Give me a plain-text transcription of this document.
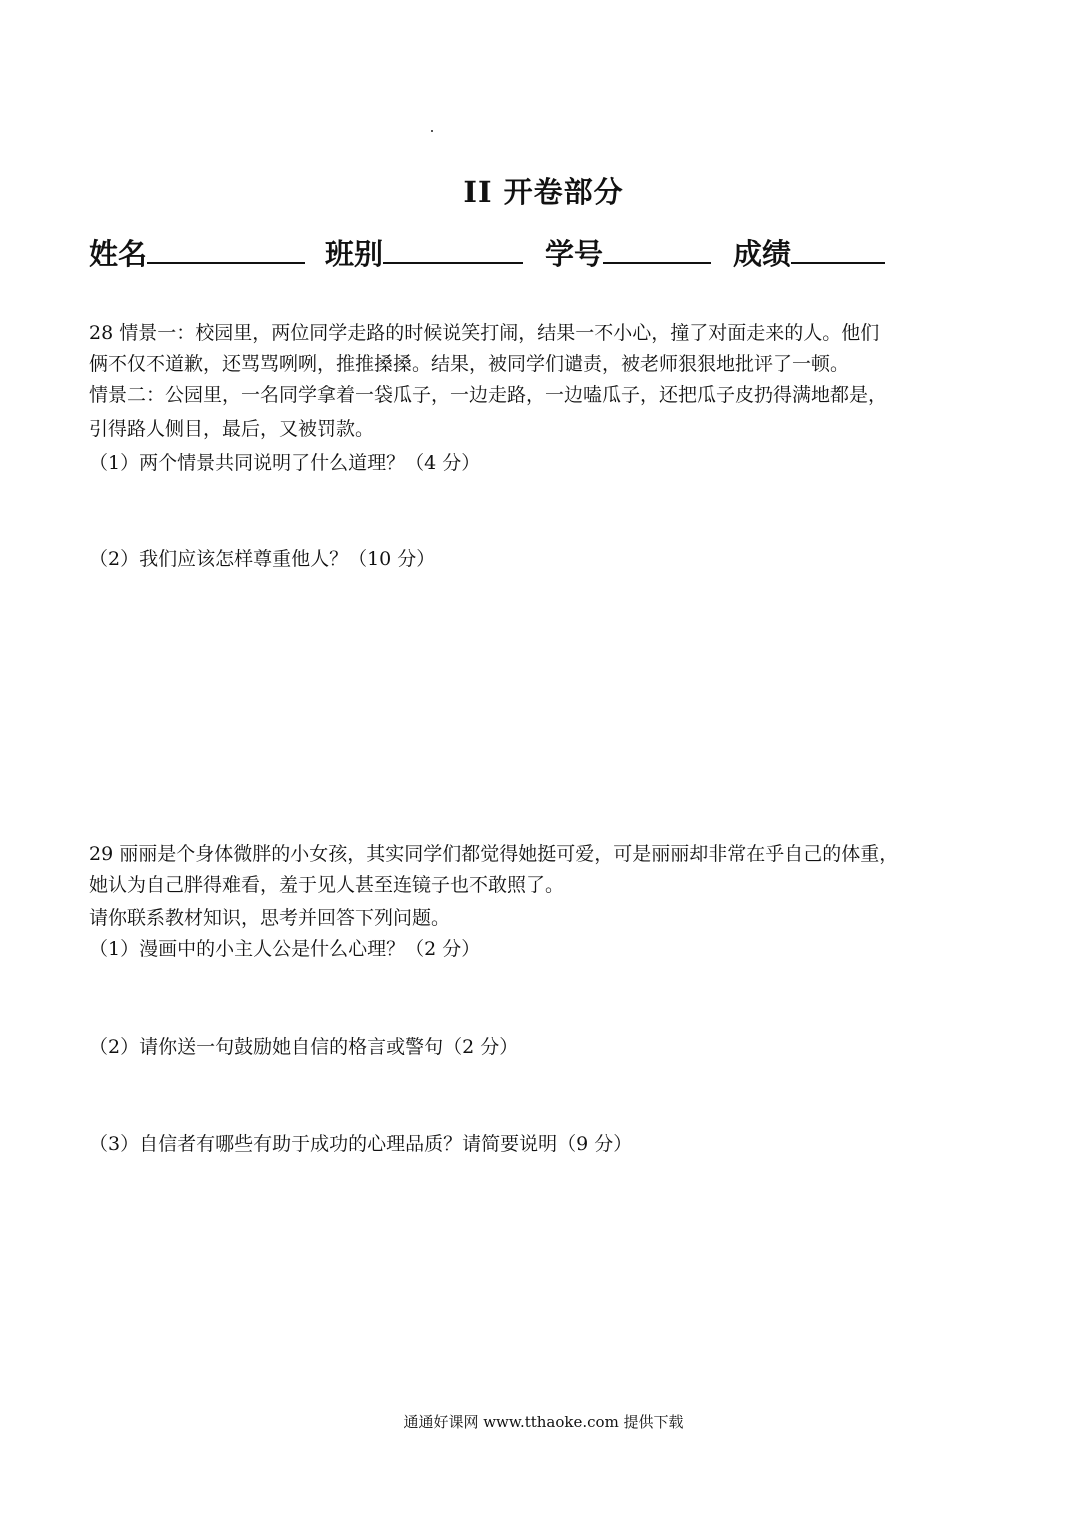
II 开卷部分
姓名	班别	学号	成绩
28 情景一：校园里，两位同学走路的时候说笑打闹，结果一不小心，撞了对面走来的人。他们
俩不仅不道歉，还骂骂咧咧，推推搡搡。结果，被同学们谴责，被老师狠狠地批评了一顿。
情景二：公园里，一名同学拿着一袋瓜子，一边走路，一边嗑瓜子，还把瓜子皮扔得满地都是，
引得路人侧目，最后，又被罚款。
（1）两个情景共同说明了什么道理？（4 分）
（2）我们应该怎样尊重他人？（10 分）
29 丽丽是个身体微胖的小女孩，其实同学们都觉得她挺可爱，可是丽丽却非常在乎自己的体重，
她认为自己胖得难看，羞于见人甚至连镜子也不敢照了。
请你联系教材知识，思考并回答下列问题。
（1）漫画中的小主人公是什么心理？（2 分）
（2）请你送一句鼓励她自信的格言或警句（2 分）
（3）自信者有哪些有助于成功的心理品质？请简要说明（9 分）
通通好课网 www.tthaoke.com 提供下载
